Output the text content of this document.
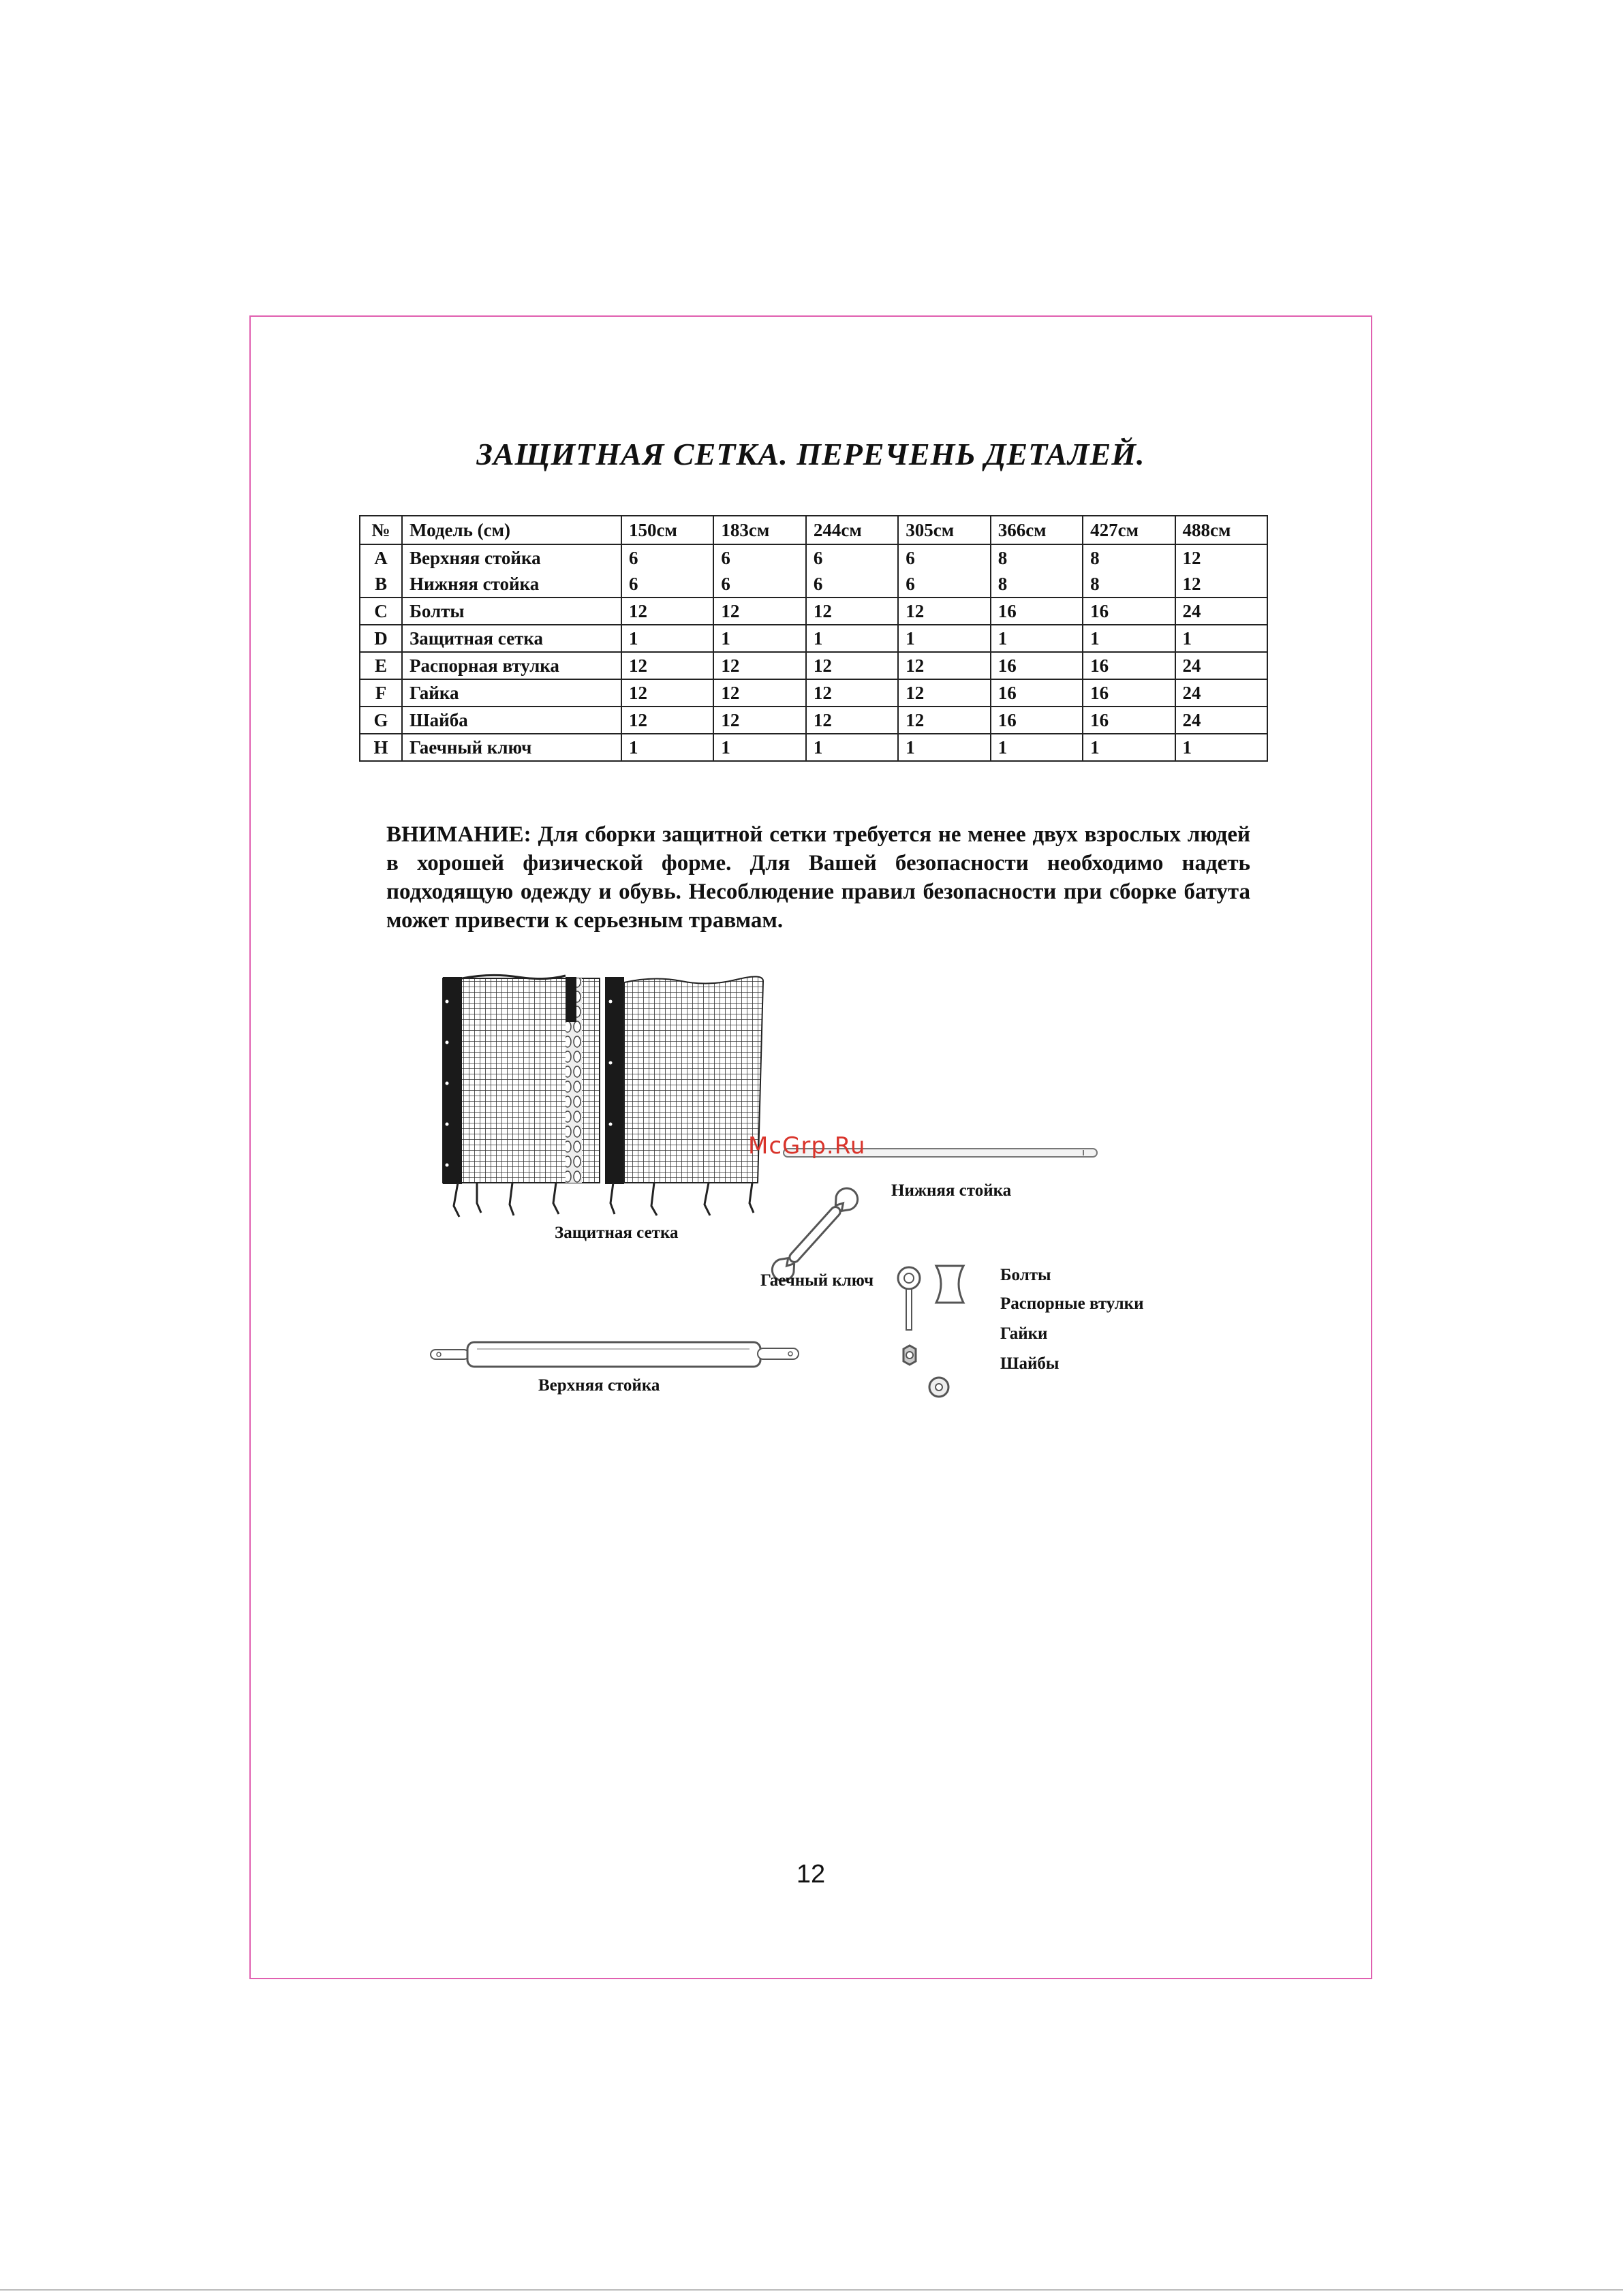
ЗАЩИТНАЯ СЕТКА. ПЕРЕЧЕНЬ ДЕТАЛЕЙ.
№	Модель (см)	150см	183см	244см	305см	366см	427см	488см
A	Верхняя стойка	6	6	6	6	8	8	12
B	Нижняя стойка	6	6	6	6	8	8	12
C	Болты	12	12	12	12	16	16	24
D	Защитная сетка	1	1	1	1	1	1	1
E	Распорная втулка	12	12	12	12	16	16	24
F	Гайка	12	12	12	12	16	16	24
G	Шайба	12	12	12	12	16	16	24
H	Гаечный ключ	1	1	1	1	1	1	1
ВНИМАНИЕ: Для сборки защитной сетки требуется не менее двух взрослых людей в хорошей физической форме. Для Вашей безопасности необходимо надеть подходящую одежду и обувь. Несоблюдение правил безопасности при сборке батута может привести к серьезным травмам.
Защитная сетка
Нижняя стойка
Гаечный ключ	Болты
Распорные втулки
Гайки
Шайбы
Верхняя стойка
McGrp.Ru
12
